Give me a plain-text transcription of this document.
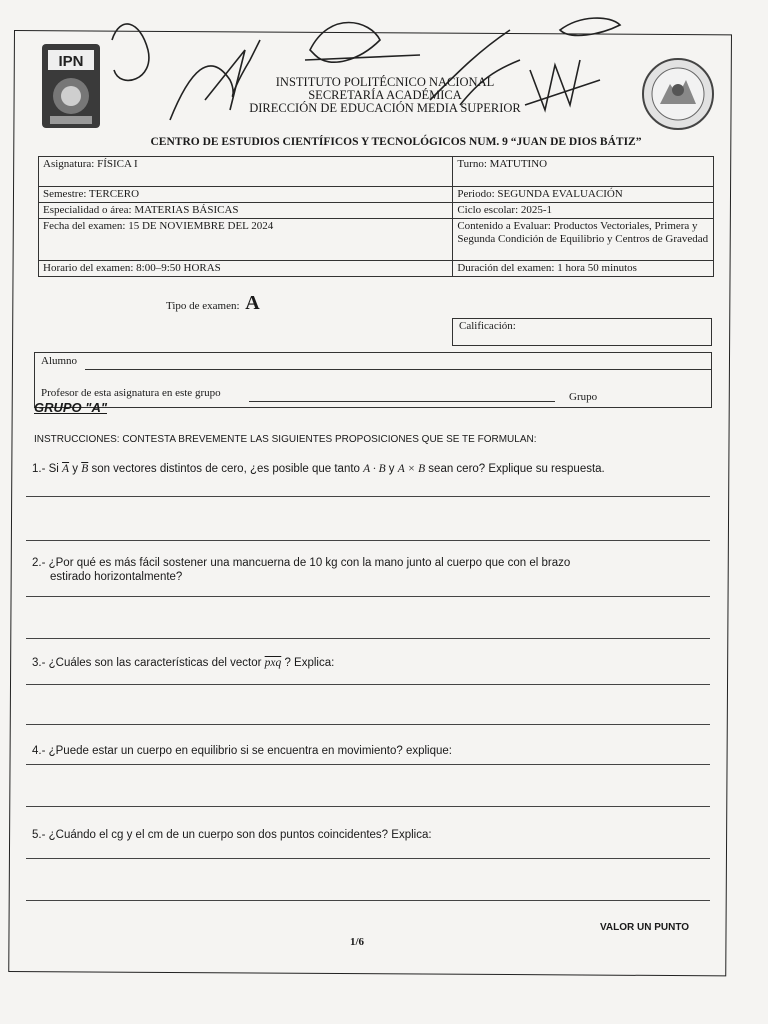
IPN
INSTITUTO POLITÉCNICO NACIONAL
SECRETARÍA ACADÉMICA
DIRECCIÓN DE EDUCACIÓN MEDIA SUPERIOR
CENTRO DE ESTUDIOS CIENTÍFICOS Y TECNOLÓGICOS NUM. 9 “JUAN DE DIOS BÁTIZ”
Asignatura: FÍSICA I	Turno: MATUTINO
Semestre: TERCERO	Periodo: SEGUNDA EVALUACIÓN
Especialidad o área: MATERIAS BÁSICAS	Ciclo escolar: 2025-1
Fecha del examen: 15 DE NOVIEMBRE DEL 2024	Contenido a Evaluar: Productos Vectoriales, Primera y Segunda Condición de Equilibrio y Centros de Gravedad
Horario del examen: 8:00–9:50 HORAS	Duración del examen: 1 hora 50 minutos
Tipo de examen: A
Calificación:
Alumno
Profesor de esta asignatura en este grupo	Grupo
GRUPO "A"
INSTRUCCIONES: CONTESTA BREVEMENTE LAS SIGUIENTES PROPOSICIONES QUE SE TE FORMULAN:
1.- Si $\overline{A}$ y $\overline{B}$ son vectores distintos de cero, ¿es posible que tanto A · B y A × B sean cero? Explique su respuesta.
2.- ¿Por qué es más fácil sostener una mancuerna de 10 kg con la mano junto al cuerpo que con el brazo
estirado horizontalmente?
3.- ¿Cuáles son las características del vector $\overline{pxq}$ ? Explica:
4.- ¿Puede estar un cuerpo en equilibrio si se encuentra en movimiento? explique:
5.- ¿Cuándo el cg y el cm de un cuerpo son dos puntos coincidentes? Explica:
VALOR UN PUNTO
1/6
